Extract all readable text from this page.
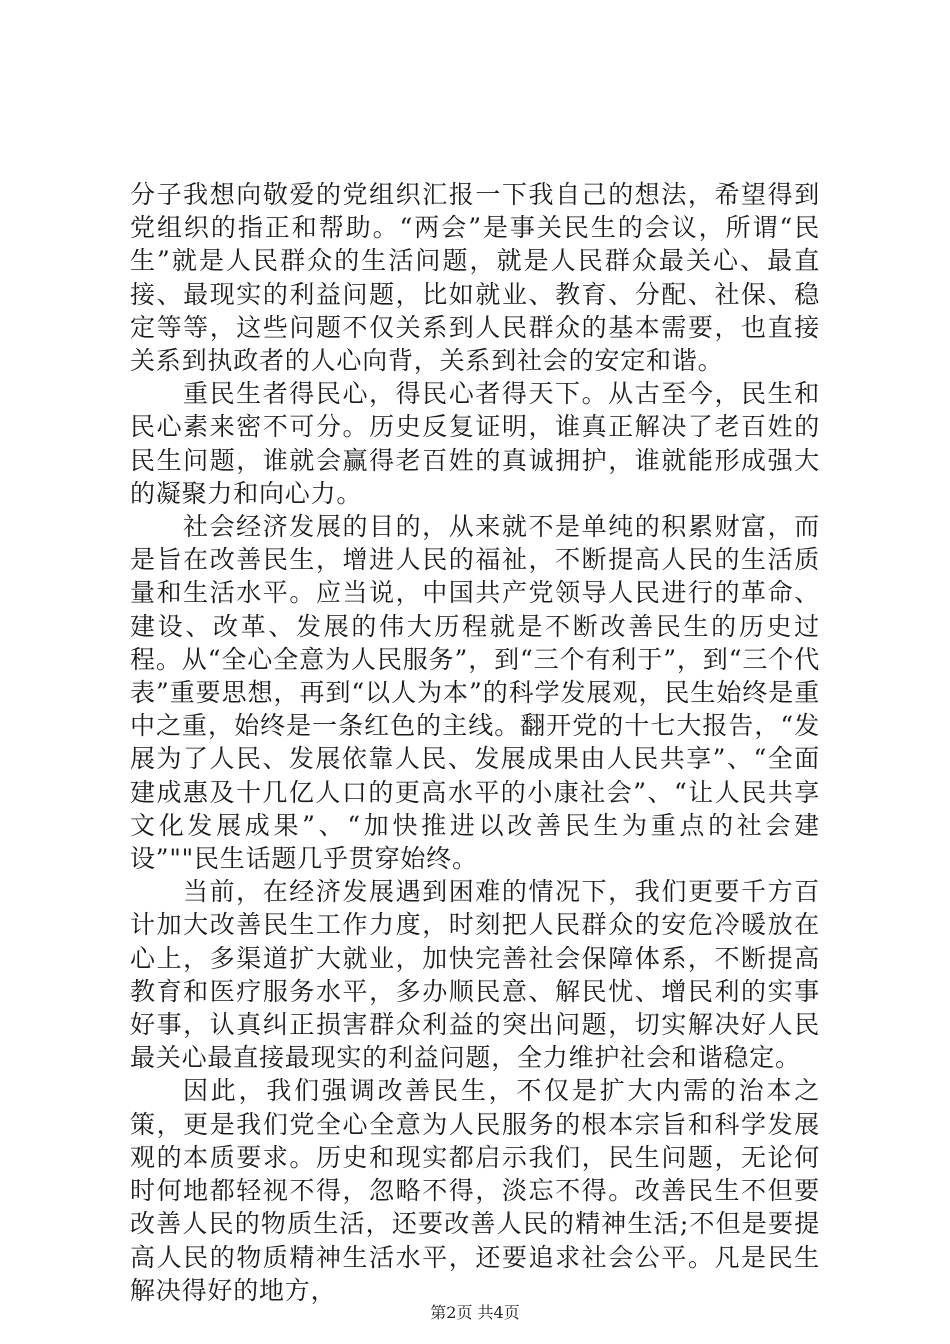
分子我想向敬爱的党组织汇报一下我自己的想法，希望得到党组织的指正和帮助。“两会”是事关民生的会议，所谓“民生”就是人民群众的生活问题，就是人民群众最关心、最直接、最现实的利益问题，比如就业、教育、分配、社保、稳定等等，这些问题不仅关系到人民群众的基本需要，也直接关系到执政者的人心向背，关系到社会的安定和谐。

重民生者得民心，得民心者得天下。从古至今，民生和民心素来密不可分。历史反复证明，谁真正解决了老百姓的民生问题，谁就会赢得老百姓的真诚拥护，谁就能形成强大的凝聚力和向心力。

社会经济发展的目的，从来就不是单纯的积累财富，而是旨在改善民生，增进人民的福祉，不断提高人民的生活质量和生活水平。应当说，中国共产党领导人民进行的革命、建设、改革、发展的伟大历程就是不断改善民生的历史过程。从“全心全意为人民服务”，到“三个有利于”，到“三个代表”重要思想，再到“以人为本”的科学发展观，民生始终是重中之重，始终是一条红色的主线。翻开党的十七大报告，“发展为了人民、发展依靠人民、发展成果由人民共享”、“全面建成惠及十几亿人口的更高水平的小康社会”、“让人民共享文化发展成果”、“加快推进以改善民生为重点的社会建设”""民生话题几乎贯穿始终。

当前，在经济发展遇到困难的情况下，我们更要千方百计加大改善民生工作力度，时刻把人民群众的安危冷暖放在心上，多渠道扩大就业，加快完善社会保障体系，不断提高教育和医疗服务水平，多办顺民意、解民忧、增民利的实事好事，认真纠正损害群众利益的突出问题，切实解决好人民最关心最直接最现实的利益问题，全力维护社会和谐稳定。

因此，我们强调改善民生，不仅是扩大内需的治本之策，更是我们党全心全意为人民服务的根本宗旨和科学发展观的本质要求。历史和现实都启示我们，民生问题，无论何时何地都轻视不得，忽略不得，淡忘不得。改善民生不但要改善人民的物质生活，还要改善人民的精神生活;不但是要提高人民的物质精神生活水平，还要追求社会公平。凡是民生解决得好的地方，

第2页 共4页
